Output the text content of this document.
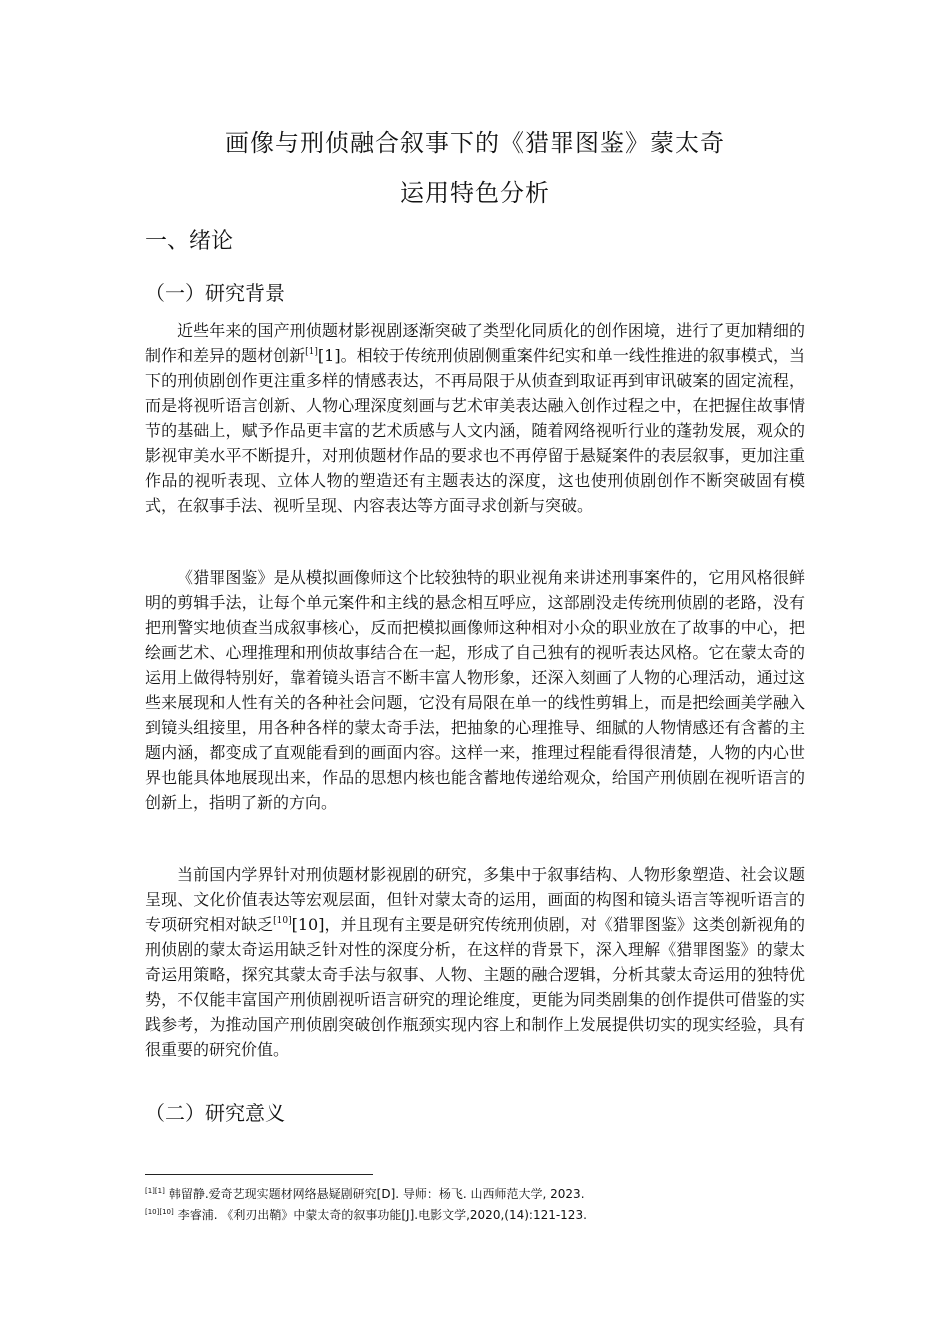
画像与刑侦融合叙事下的《猎罪图鉴》蒙太奇
运用特色分析
一、绪论
（一）研究背景

近些年来的国产刑侦题材影视剧逐渐突破了类型化同质化的创作困境，进行了更加精细的制作和差异的题材创新[1][1]。相较于传统刑侦剧侧重案件纪实和单一线性推进的叙事模式，当下的刑侦剧创作更注重多样的情感表达，不再局限于从侦查到取证再到审讯破案的固定流程，而是将视听语言创新、人物心理深度刻画与艺术审美表达融入创作过程之中，在把握住故事情节的基础上，赋予作品更丰富的艺术质感与人文内涵，随着网络视听行业的蓬勃发展，观众的影视审美水平不断提升，对刑侦题材作品的要求也不再停留于悬疑案件的表层叙事，更加注重作品的视听表现、立体人物的塑造还有主题表达的深度，这也使刑侦剧创作不断突破固有模式，在叙事手法、视听呈现、内容表达等方面寻求创新与突破。

《猎罪图鉴》是从模拟画像师这个比较独特的职业视角来讲述刑事案件的，它用风格很鲜明的剪辑手法，让每个单元案件和主线的悬念相互呼应，这部剧没走传统刑侦剧的老路，没有把刑警实地侦查当成叙事核心，反而把模拟画像师这种相对小众的职业放在了故事的中心，把绘画艺术、心理推理和刑侦故事结合在一起，形成了自己独有的视听表达风格。它在蒙太奇的运用上做得特别好，靠着镜头语言不断丰富人物形象，还深入刻画了人物的心理活动，通过这些来展现和人性有关的各种社会问题，它没有局限在单一的线性剪辑上，而是把绘画美学融入到镜头组接里，用各种各样的蒙太奇手法，把抽象的心理推导、细腻的人物情感还有含蓄的主题内涵，都变成了直观能看到的画面内容。这样一来，推理过程能看得很清楚，人物的内心世界也能具体地展现出来，作品的思想内核也能含蓄地传递给观众，给国产刑侦剧在视听语言的创新上，指明了新的方向。

当前国内学界针对刑侦题材影视剧的研究，多集中于叙事结构、人物形象塑造、社会议题呈现、文化价值表达等宏观层面，但针对蒙太奇的运用，画面的构图和镜头语言等视听语言的专项研究相对缺乏[10][10]，并且现有主要是研究传统刑侦剧，对《猎罪图鉴》这类创新视角的刑侦剧的蒙太奇运用缺乏针对性的深度分析，在这样的背景下，深入理解《猎罪图鉴》的蒙太奇运用策略，探究其蒙太奇手法与叙事、人物、主题的融合逻辑，分析其蒙太奇运用的独特优势，不仅能丰富国产刑侦剧视听语言研究的理论维度，更能为同类剧集的创作提供可借鉴的实践参考，为推动国产刑侦剧突破创作瓶颈实现内容上和制作上发展提供切实的现实经验，具有很重要的研究价值。

（二）研究意义
[1][1] 韩留静.爱奇艺现实题材网络悬疑剧研究[D]. 导师：杨飞. 山西师范大学, 2023.
[10][10] 李睿浦. 《利刃出鞘》中蒙太奇的叙事功能[J].电影文学,2020,(14):121-123.
